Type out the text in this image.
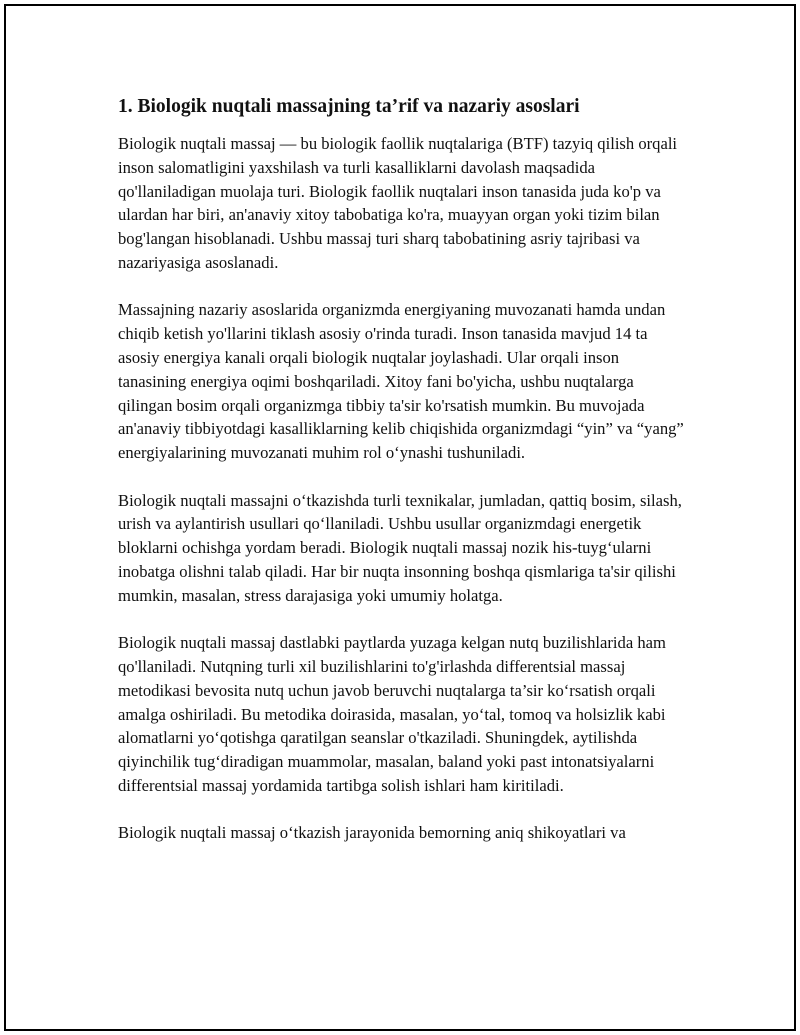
1. Biologik nuqtali massajning ta’rif va nazariy asoslari

Biologik nuqtali massaj — bu biologik faollik nuqtalariga (BTF) tazyiq qilish orqali inson salomatligini yaxshilash va turli kasalliklarni davolash maqsadida qo'llaniladigan muolaja turi. Biologik faollik nuqtalari inson tanasida juda ko'p va ulardan har biri, an'anaviy xitoy tabobatiga ko'ra, muayyan organ yoki tizim bilan bog'langan hisoblanadi. Ushbu massaj turi sharq tabobatining asriy tajribasi va nazariyasiga asoslanadi.

Massajning nazariy asoslarida organizmda energiyaning muvozanati hamda undan chiqib ketish yo'llarini tiklash asosiy o'rinda turadi. Inson tanasida mavjud 14 ta asosiy energiya kanali orqali biologik nuqtalar joylashadi. Ular orqali inson tanasining energiya oqimi boshqariladi. Xitoy fani bo'yicha, ushbu nuqtalarga qilingan bosim orqali organizmga tibbiy ta'sir ko'rsatish mumkin. Bu muvojada an'anaviy tibbiyotdagi kasalliklarning kelib chiqishida organizmdagi “yin” va “yang” energiyalarining muvozanati muhim rol o‘ynashi tushuniladi.

Biologik nuqtali massajni o‘tkazishda turli texnikalar, jumladan, qattiq bosim, silash, urish va aylantirish usullari qo‘llaniladi. Ushbu usullar organizmdagi energetik bloklarni ochishga yordam beradi. Biologik nuqtali massaj nozik his-tuyg‘ularni inobatga olishni talab qiladi. Har bir nuqta insonning boshqa qismlariga ta'sir qilishi mumkin, masalan, stress darajasiga yoki umumiy holatga.

Biologik nuqtali massaj dastlabki paytlarda yuzaga kelgan nutq buzilishlarida ham qo'llaniladi. Nutqning turli xil buzilishlarini to'g'irlashda differentsial massaj metodikasi bevosita nutq uchun javob beruvchi nuqtalarga ta’sir ko‘rsatish orqali amalga oshiriladi. Bu metodika doirasida, masalan, yo‘tal, tomoq va holsizlik kabi alomatlarni yo‘qotishga qaratilgan seanslar o'tkaziladi. Shuningdek, aytilishda qiyinchilik tug‘diradigan muammolar, masalan, baland yoki past intonatsiyalarni differentsial massaj yordamida tartibga solish ishlari ham kiritiladi.

Biologik nuqtali massaj o‘tkazish jarayonida bemorning aniq shikoyatlari va
